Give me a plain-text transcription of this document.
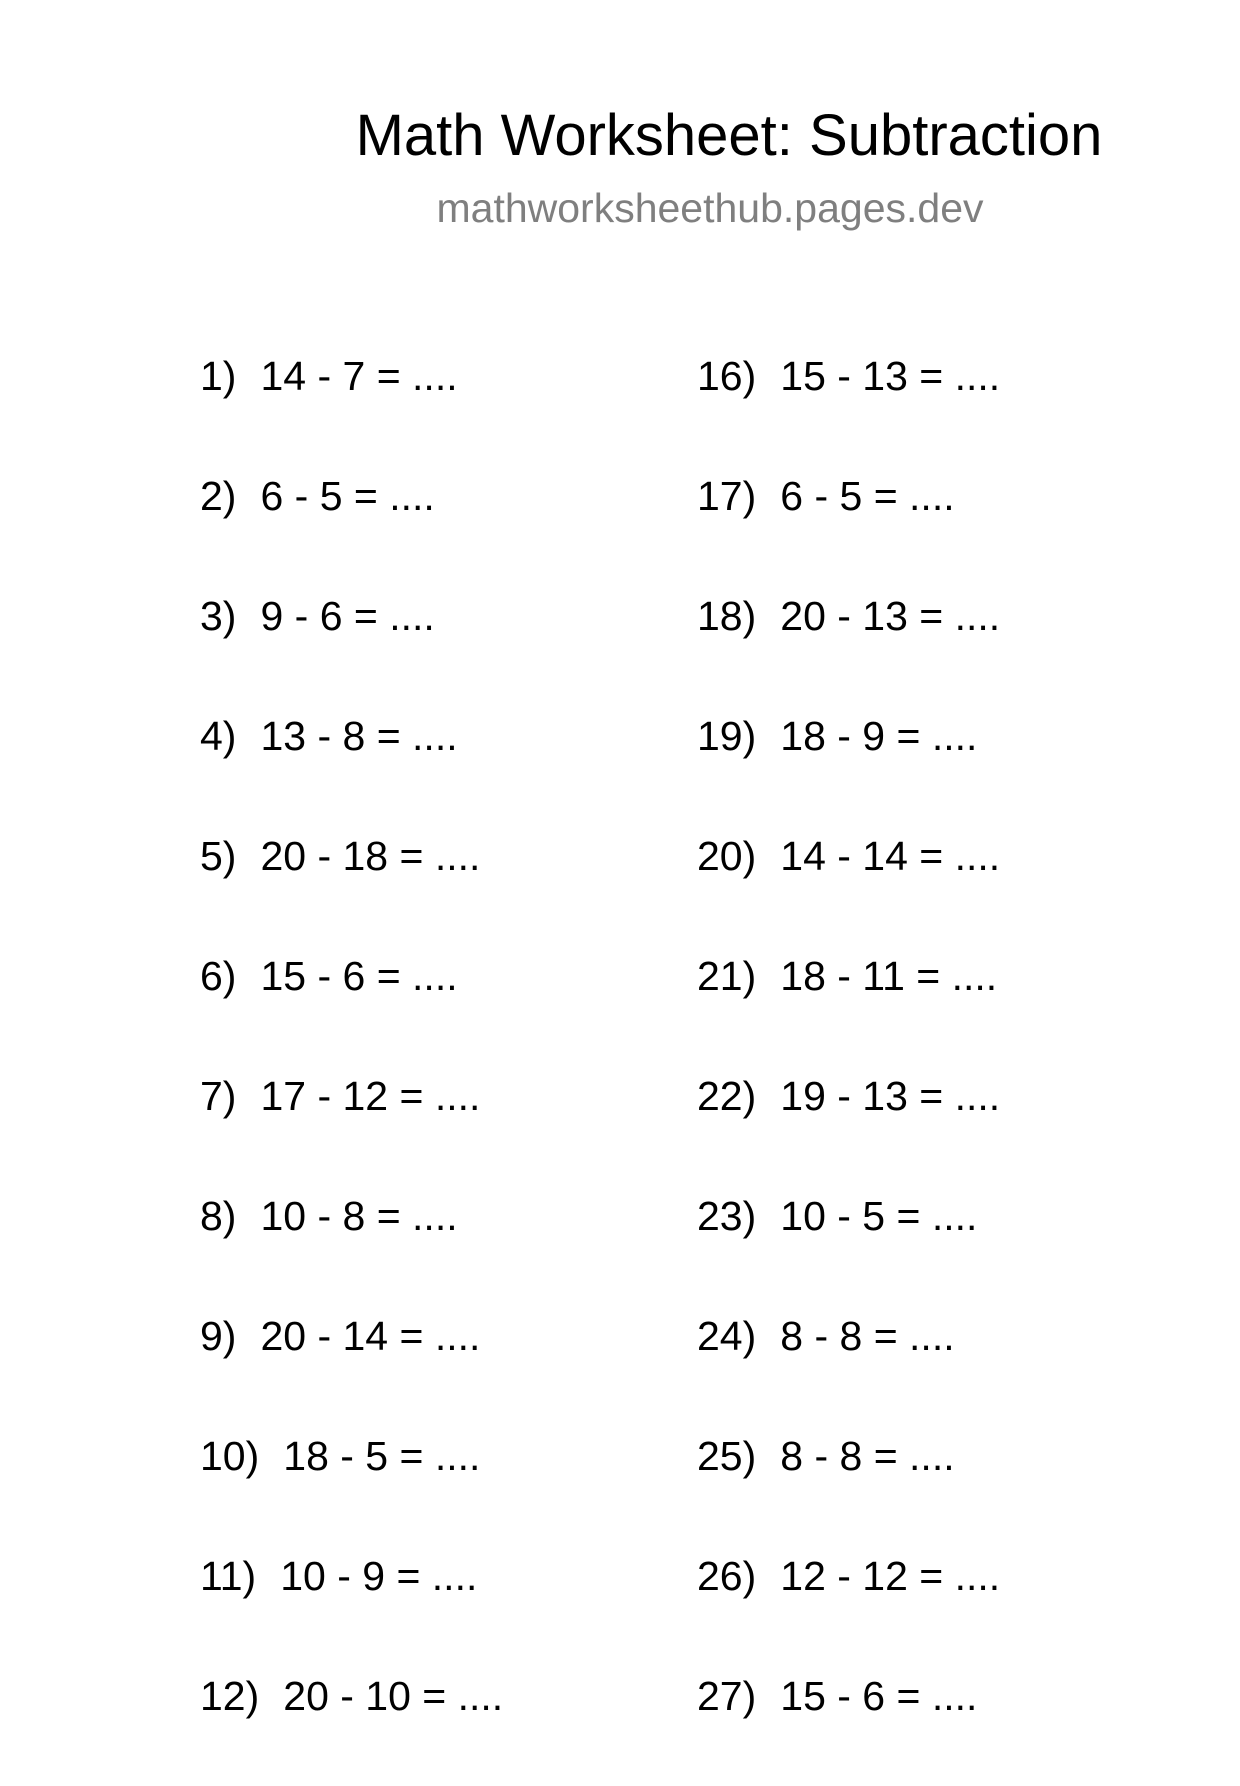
Math Worksheet: Subtraction
mathworksheethub.pages.dev
1) 14 - 7 = ....
2) 6 - 5 = ....
3) 9 - 6 = ....
4) 13 - 8 = ....
5) 20 - 18 = ....
6) 15 - 6 = ....
7) 17 - 12 = ....
8) 10 - 8 = ....
9) 20 - 14 = ....
10) 18 - 5 = ....
11) 10 - 9 = ....
12) 20 - 10 = ....
16) 15 - 13 = ....
17) 6 - 5 = ....
18) 20 - 13 = ....
19) 18 - 9 = ....
20) 14 - 14 = ....
21) 18 - 11 = ....
22) 19 - 13 = ....
23) 10 - 5 = ....
24) 8 - 8 = ....
25) 8 - 8 = ....
26) 12 - 12 = ....
27) 15 - 6 = ....
